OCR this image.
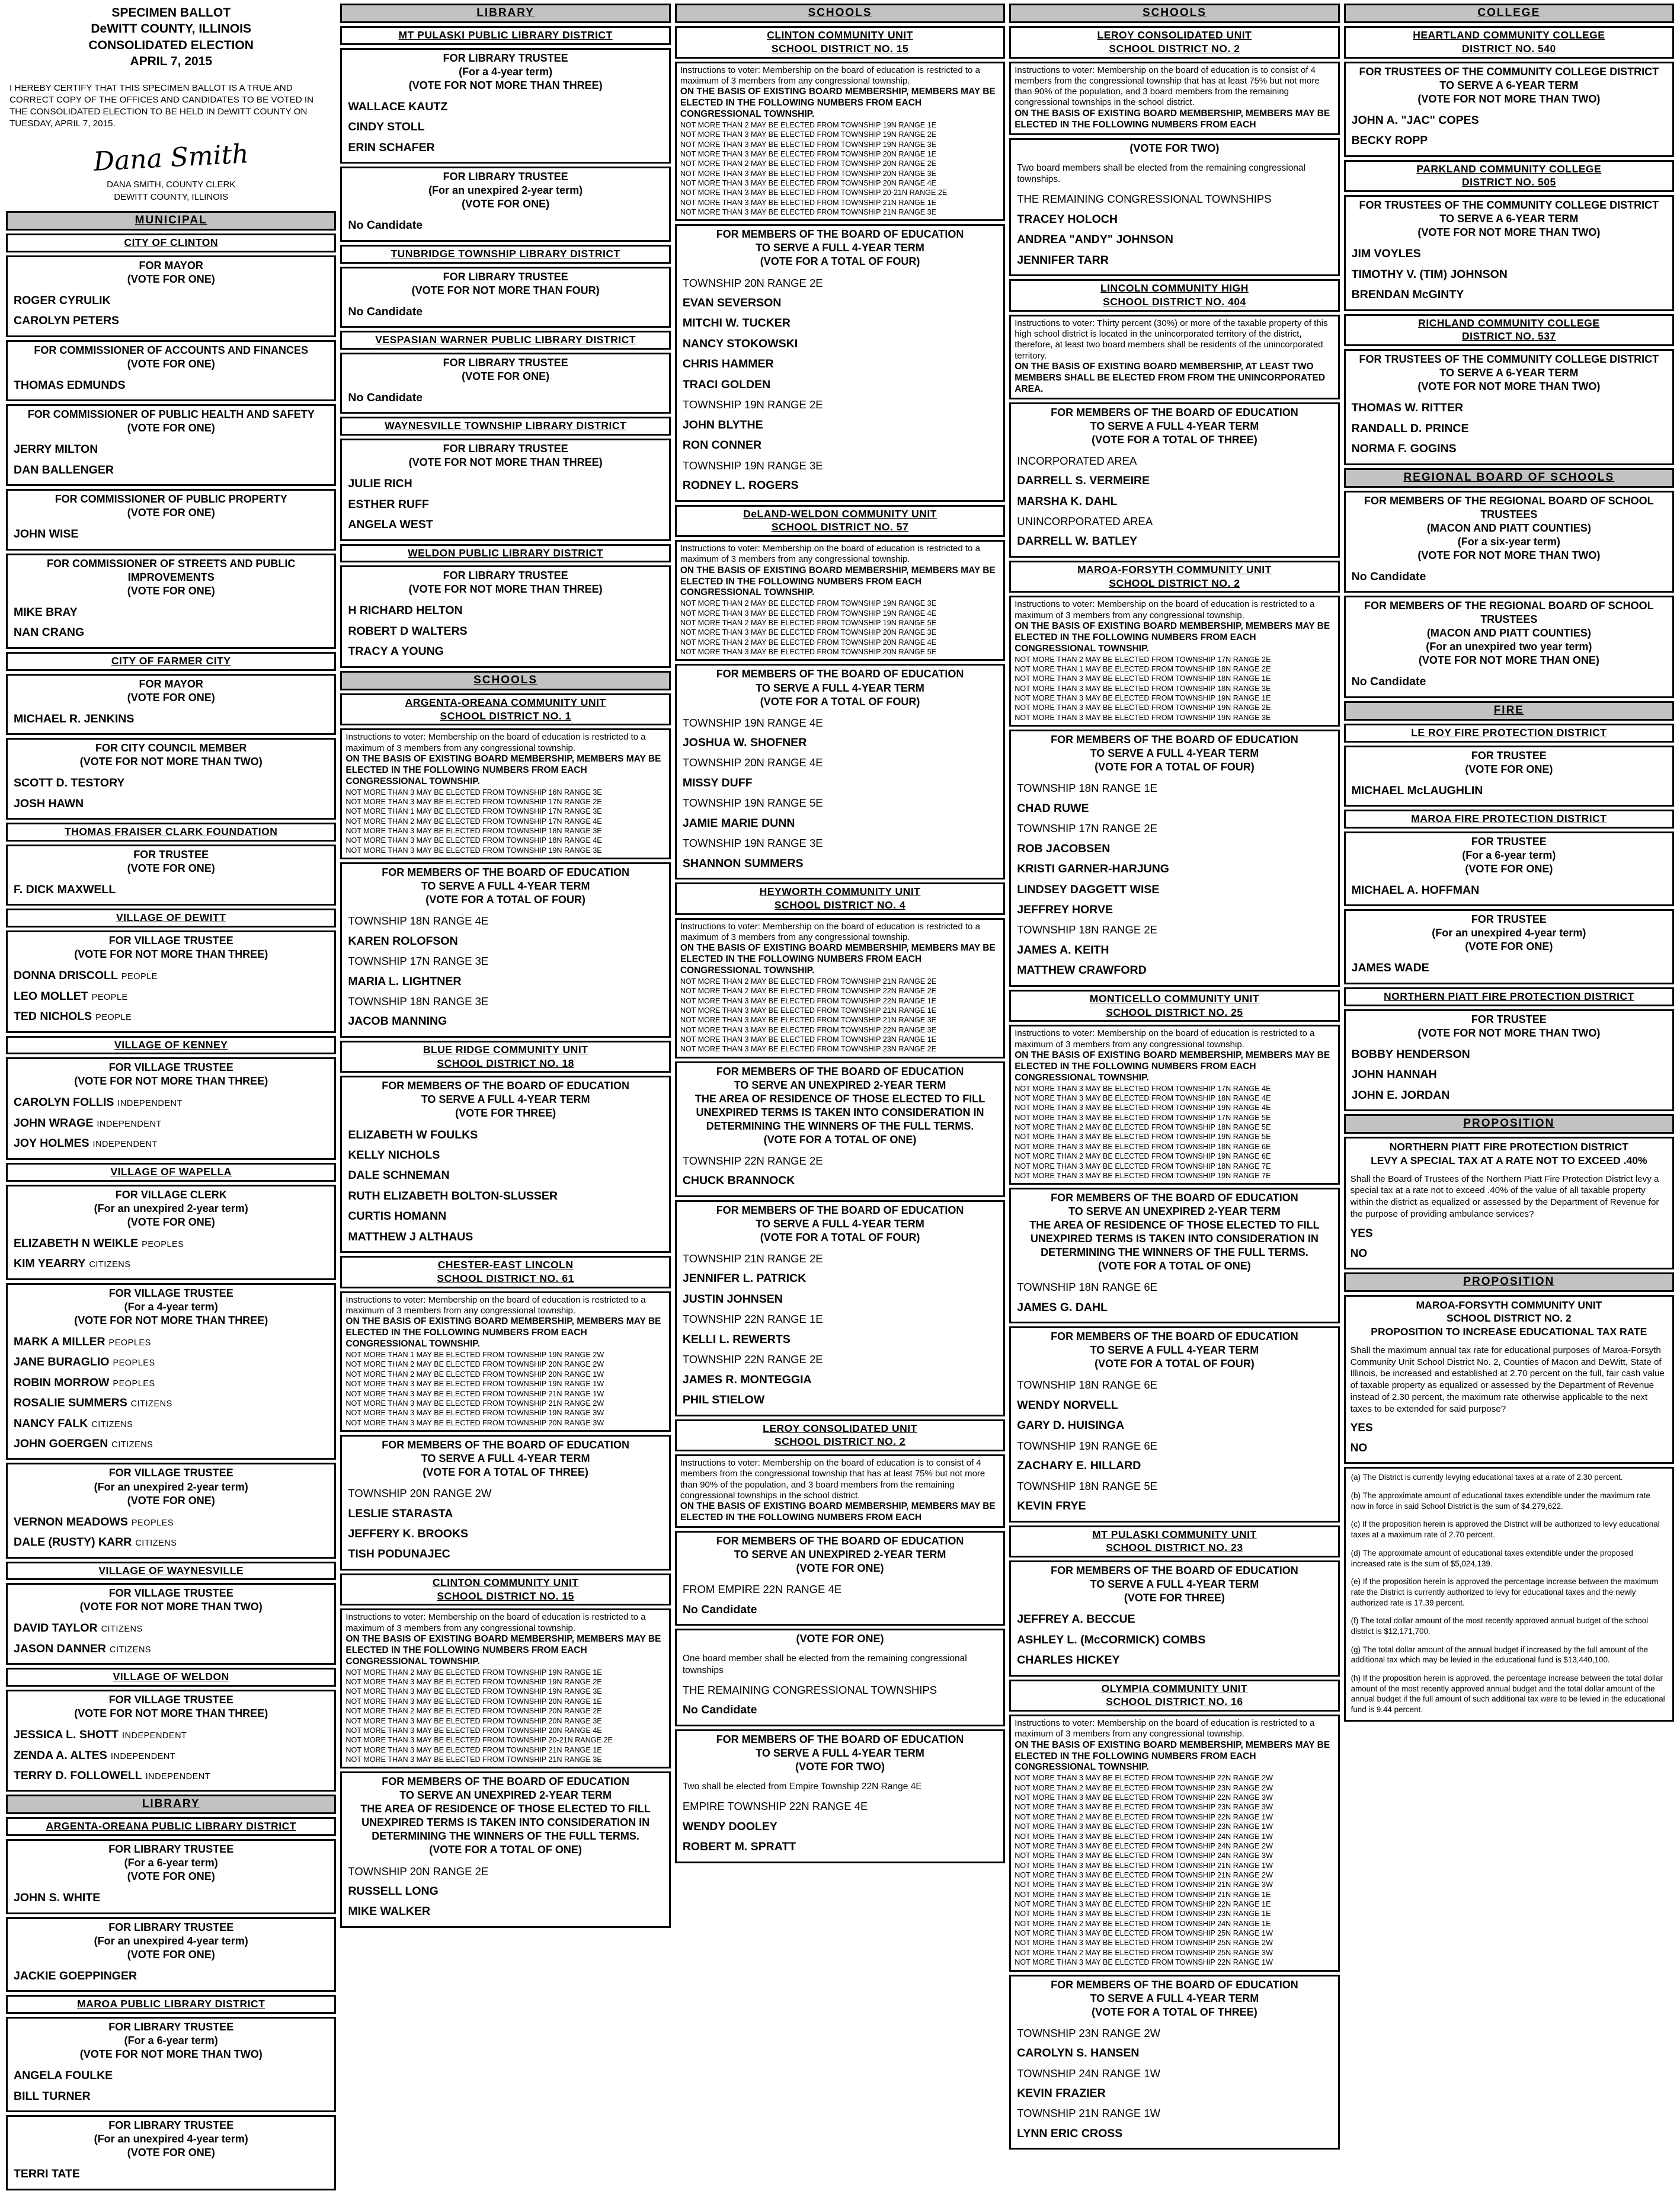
SPECIMEN BALLOT
DeWITT COUNTY, ILLINOIS
CONSOLIDATED ELECTION
APRIL 7, 2015
I HEREBY CERTIFY THAT THIS SPECIMEN BALLOT IS A TRUE AND CORRECT COPY OF THE OFFICES AND CANDIDATES TO BE VOTED IN THE CONSOLIDATED ELECTION TO BE HELD IN DeWITT COUNTY ON TUESDAY, APRIL 7, 2015.
Dana Smith
DANA SMITH, COUNTY CLERK
DEWITT COUNTY, ILLINOIS
MUNICIPAL
CITY OF CLINTON
FOR MAYOR
(VOTE FOR ONE)
ROGER CYRULIK
CAROLYN PETERS
FOR COMMISSIONER OF ACCOUNTS AND FINANCES
(VOTE FOR ONE)
THOMAS EDMUNDS
FOR COMMISSIONER OF PUBLIC HEALTH AND SAFETY
(VOTE FOR ONE)
JERRY MILTON
DAN BALLENGER
FOR COMMISSIONER OF PUBLIC PROPERTY
(VOTE FOR ONE)
JOHN WISE
FOR COMMISSIONER OF STREETS AND PUBLIC
IMPROVEMENTS
(VOTE FOR ONE)
MIKE BRAY
NAN CRANG
CITY OF FARMER CITY
FOR MAYOR
(VOTE FOR ONE)
MICHAEL R. JENKINS
FOR CITY COUNCIL MEMBER
(VOTE FOR NOT MORE THAN TWO)
SCOTT D. TESTORY
JOSH HAWN
THOMAS FRAISER CLARK FOUNDATION
FOR TRUSTEE
(VOTE FOR ONE)
F. DICK MAXWELL
VILLAGE OF DEWITT
FOR VILLAGE TRUSTEE
(VOTE FOR NOT MORE THAN THREE)
DONNA DRISCOLL PEOPLE
LEO MOLLET PEOPLE
TED NICHOLS PEOPLE
VILLAGE OF KENNEY
FOR VILLAGE TRUSTEE
(VOTE FOR NOT MORE THAN THREE)
CAROLYN FOLLIS INDEPENDENT
JOHN WRAGE INDEPENDENT
JOY HOLMES INDEPENDENT
VILLAGE OF WAPELLA
FOR VILLAGE CLERK
(For an unexpired 2-year term)
(VOTE FOR ONE)
ELIZABETH N WEIKLE PEOPLES
KIM YEARRY CITIZENS
FOR VILLAGE TRUSTEE
(For a 4-year term)
(VOTE FOR NOT MORE THAN THREE)
MARK A MILLER PEOPLES
JANE BURAGLIO PEOPLES
ROBIN MORROW PEOPLES
ROSALIE SUMMERS CITIZENS
NANCY FALK CITIZENS
JOHN GOERGEN CITIZENS
FOR VILLAGE TRUSTEE
(For an unexpired 2-year term)
(VOTE FOR ONE)
VERNON MEADOWS PEOPLES
DALE (RUSTY) KARR CITIZENS
VILLAGE OF WAYNESVILLE
FOR VILLAGE TRUSTEE
(VOTE FOR NOT MORE THAN TWO)
DAVID TAYLOR CITIZENS
JASON DANNER CITIZENS
VILLAGE OF WELDON
FOR VILLAGE TRUSTEE
(VOTE FOR NOT MORE THAN THREE)
JESSICA L. SHOTT INDEPENDENT
ZENDA A. ALTES INDEPENDENT
TERRY D. FOLLOWELL INDEPENDENT
LIBRARY
ARGENTA-OREANA PUBLIC LIBRARY DISTRICT
FOR LIBRARY TRUSTEE
(For a 6-year term)
(VOTE FOR ONE)
JOHN S. WHITE
FOR LIBRARY TRUSTEE
(For an unexpired 4-year term)
(VOTE FOR ONE)
JACKIE GOEPPINGER
MAROA PUBLIC LIBRARY DISTRICT
FOR LIBRARY TRUSTEE
(For a 6-year term)
(VOTE FOR NOT MORE THAN TWO)
ANGELA FOULKE
BILL TURNER
FOR LIBRARY TRUSTEE
(For an unexpired 4-year term)
(VOTE FOR ONE)
TERRI TATE
LIBRARY
MT PULASKI PUBLIC LIBRARY DISTRICT
FOR LIBRARY TRUSTEE
(For a 4-year term)
(VOTE FOR NOT MORE THAN THREE)
WALLACE KAUTZ
CINDY STOLL
ERIN SCHAFER
FOR LIBRARY TRUSTEE
(For an unexpired 2-year term)
(VOTE FOR ONE)
No Candidate
TUNBRIDGE TOWNSHIP LIBRARY DISTRICT
FOR LIBRARY TRUSTEE
(VOTE FOR NOT MORE THAN FOUR)
No Candidate
VESPASIAN WARNER PUBLIC LIBRARY DISTRICT
FOR LIBRARY TRUSTEE
(VOTE FOR ONE)
No Candidate
WAYNESVILLE TOWNSHIP LIBRARY DISTRICT
FOR LIBRARY TRUSTEE
(VOTE FOR NOT MORE THAN THREE)
JULIE RICH
ESTHER RUFF
ANGELA WEST
WELDON PUBLIC LIBRARY DISTRICT
FOR LIBRARY TRUSTEE
(VOTE FOR NOT MORE THAN THREE)
H RICHARD HELTON
ROBERT D WALTERS
TRACY A YOUNG
SCHOOLS
ARGENTA-OREANA COMMUNITY UNIT
SCHOOL DISTRICT NO. 1

Instructions to voter: Membership on the board of education is restricted to a maximum of 3 members from any congressional township.

ON THE BASIS OF EXISTING BOARD MEMBERSHIP, MEMBERS MAY BE ELECTED IN THE FOLLOWING NUMBERS FROM EACH CONGRESSIONAL TOWNSHIP.

NOT MORE THAN 3 MAY BE ELECTED FROM TOWNSHIP 16N RANGE 3E
NOT MORE THAN 3 MAY BE ELECTED FROM TOWNSHIP 17N RANGE 2E
NOT MORE THAN 1 MAY BE ELECTED FROM TOWNSHIP 17N RANGE 3E
NOT MORE THAN 2 MAY BE ELECTED FROM TOWNSHIP 17N RANGE 4E
NOT MORE THAN 3 MAY BE ELECTED FROM TOWNSHIP 18N RANGE 3E
NOT MORE THAN 3 MAY BE ELECTED FROM TOWNSHIP 18N RANGE 4E
NOT MORE THAN 3 MAY BE ELECTED FROM TOWNSHIP 19N RANGE 3E
FOR MEMBERS OF THE BOARD OF EDUCATION
TO SERVE A FULL 4-YEAR TERM
(VOTE FOR A TOTAL OF FOUR)
TOWNSHIP 18N RANGE 4E
KAREN ROLOFSON
TOWNSHIP 17N RANGE 3E
MARIA L. LIGHTNER
TOWNSHIP 18N RANGE 3E
JACOB MANNING
BLUE RIDGE COMMUNITY UNIT
SCHOOL DISTRICT NO. 18
FOR MEMBERS OF THE BOARD OF EDUCATION
TO SERVE A FULL 4-YEAR TERM
(VOTE FOR THREE)
ELIZABETH W FOULKS
KELLY NICHOLS
DALE SCHNEMAN
RUTH ELIZABETH BOLTON-SLUSSER
CURTIS HOMANN
MATTHEW J ALTHAUS
CHESTER-EAST LINCOLN
SCHOOL DISTRICT NO. 61

Instructions to voter: Membership on the board of education is restricted to a maximum of 3 members from any congressional township.

ON THE BASIS OF EXISTING BOARD MEMBERSHIP, MEMBERS MAY BE ELECTED IN THE FOLLOWING NUMBERS FROM EACH CONGRESSIONAL TOWNSHIP.

NOT MORE THAN 1 MAY BE ELECTED FROM TOWNSHIP 19N RANGE 2W
NOT MORE THAN 2 MAY BE ELECTED FROM TOWNSHIP 20N RANGE 2W
NOT MORE THAN 2 MAY BE ELECTED FROM TOWNSHIP 20N RANGE 1W
NOT MORE THAN 3 MAY BE ELECTED FROM TOWNSHIP 19N RANGE 1W
NOT MORE THAN 3 MAY BE ELECTED FROM TOWNSHIP 21N RANGE 1W
NOT MORE THAN 3 MAY BE ELECTED FROM TOWNSHIP 21N RANGE 2W
NOT MORE THAN 3 MAY BE ELECTED FROM TOWNSHIP 19N RANGE 3W
NOT MORE THAN 3 MAY BE ELECTED FROM TOWNSHIP 20N RANGE 3W
FOR MEMBERS OF THE BOARD OF EDUCATION
TO SERVE A FULL 4-YEAR TERM
(VOTE FOR A TOTAL OF THREE)
TOWNSHIP 20N RANGE 2W
LESLIE STARASTA
JEFFERY K. BROOKS
TISH PODUNAJEC
CLINTON COMMUNITY UNIT
SCHOOL DISTRICT NO. 15

Instructions to voter: Membership on the board of education is restricted to a maximum of 3 members from any congressional township.

ON THE BASIS OF EXISTING BOARD MEMBERSHIP, MEMBERS MAY BE ELECTED IN THE FOLLOWING NUMBERS FROM EACH CONGRESSIONAL TOWNSHIP.

NOT MORE THAN 2 MAY BE ELECTED FROM TOWNSHIP 19N RANGE 1E
NOT MORE THAN 3 MAY BE ELECTED FROM TOWNSHIP 19N RANGE 2E
NOT MORE THAN 3 MAY BE ELECTED FROM TOWNSHIP 19N RANGE 3E
NOT MORE THAN 3 MAY BE ELECTED FROM TOWNSHIP 20N RANGE 1E
NOT MORE THAN 2 MAY BE ELECTED FROM TOWNSHIP 20N RANGE 2E
NOT MORE THAN 3 MAY BE ELECTED FROM TOWNSHIP 20N RANGE 3E
NOT MORE THAN 3 MAY BE ELECTED FROM TOWNSHIP 20N RANGE 4E
NOT MORE THAN 3 MAY BE ELECTED FROM TOWNSHIP 20-21N RANGE 2E
NOT MORE THAN 3 MAY BE ELECTED FROM TOWNSHIP 21N RANGE 1E
NOT MORE THAN 3 MAY BE ELECTED FROM TOWNSHIP 21N RANGE 3E
FOR MEMBERS OF THE BOARD OF EDUCATION
TO SERVE AN UNEXPIRED 2-YEAR TERM
THE AREA OF RESIDENCE OF THOSE ELECTED TO FILL
UNEXPIRED TERMS IS TAKEN INTO CONSIDERATION IN
DETERMINING THE WINNERS OF THE FULL TERMS.
(VOTE FOR A TOTAL OF ONE)
TOWNSHIP 20N RANGE 2E
RUSSELL LONG
MIKE WALKER
SCHOOLS
CLINTON COMMUNITY UNIT
SCHOOL DISTRICT NO. 15

Instructions to voter: Membership on the board of education is restricted to a maximum of 3 members from any congressional township.

ON THE BASIS OF EXISTING BOARD MEMBERSHIP, MEMBERS MAY BE ELECTED IN THE FOLLOWING NUMBERS FROM EACH CONGRESSIONAL TOWNSHIP.

NOT MORE THAN 2 MAY BE ELECTED FROM TOWNSHIP 19N RANGE 1E
NOT MORE THAN 3 MAY BE ELECTED FROM TOWNSHIP 19N RANGE 2E
NOT MORE THAN 3 MAY BE ELECTED FROM TOWNSHIP 19N RANGE 3E
NOT MORE THAN 3 MAY BE ELECTED FROM TOWNSHIP 20N RANGE 1E
NOT MORE THAN 2 MAY BE ELECTED FROM TOWNSHIP 20N RANGE 2E
NOT MORE THAN 3 MAY BE ELECTED FROM TOWNSHIP 20N RANGE 3E
NOT MORE THAN 3 MAY BE ELECTED FROM TOWNSHIP 20N RANGE 4E
NOT MORE THAN 3 MAY BE ELECTED FROM TOWNSHIP 20-21N RANGE 2E
NOT MORE THAN 3 MAY BE ELECTED FROM TOWNSHIP 21N RANGE 1E
NOT MORE THAN 3 MAY BE ELECTED FROM TOWNSHIP 21N RANGE 3E
FOR MEMBERS OF THE BOARD OF EDUCATION
TO SERVE A FULL 4-YEAR TERM
(VOTE FOR A TOTAL OF FOUR)
TOWNSHIP 20N RANGE 2E
EVAN SEVERSON
MITCHI W. TUCKER
NANCY STOKOWSKI
CHRIS HAMMER
TRACI GOLDEN
TOWNSHIP 19N RANGE 2E
JOHN BLYTHE
RON CONNER
TOWNSHIP 19N RANGE 3E
RODNEY L. ROGERS
DeLAND-WELDON COMMUNITY UNIT
SCHOOL DISTRICT NO. 57

Instructions to voter: Membership on the board of education is restricted to a maximum of 3 members from any congressional township.

ON THE BASIS OF EXISTING BOARD MEMBERSHIP, MEMBERS MAY BE ELECTED IN THE FOLLOWING NUMBERS FROM EACH CONGRESSIONAL TOWNSHIP.

NOT MORE THAN 2 MAY BE ELECTED FROM TOWNSHIP 19N RANGE 3E
NOT MORE THAN 3 MAY BE ELECTED FROM TOWNSHIP 19N RANGE 4E
NOT MORE THAN 2 MAY BE ELECTED FROM TOWNSHIP 19N RANGE 5E
NOT MORE THAN 3 MAY BE ELECTED FROM TOWNSHIP 20N RANGE 3E
NOT MORE THAN 2 MAY BE ELECTED FROM TOWNSHIP 20N RANGE 4E
NOT MORE THAN 3 MAY BE ELECTED FROM TOWNSHIP 20N RANGE 5E
FOR MEMBERS OF THE BOARD OF EDUCATION
TO SERVE A FULL 4-YEAR TERM
(VOTE FOR A TOTAL OF FOUR)
TOWNSHIP 19N RANGE 4E
JOSHUA W. SHOFNER
TOWNSHIP 20N RANGE 4E
MISSY DUFF
TOWNSHIP 19N RANGE 5E
JAMIE MARIE DUNN
TOWNSHIP 19N RANGE 3E
SHANNON SUMMERS
HEYWORTH COMMUNITY UNIT
SCHOOL DISTRICT NO. 4

Instructions to voter: Membership on the board of education is restricted to a maximum of 3 members from any congressional township.

ON THE BASIS OF EXISTING BOARD MEMBERSHIP, MEMBERS MAY BE ELECTED IN THE FOLLOWING NUMBERS FROM EACH CONGRESSIONAL TOWNSHIP.

NOT MORE THAN 2 MAY BE ELECTED FROM TOWNSHIP 21N RANGE 2E
NOT MORE THAN 2 MAY BE ELECTED FROM TOWNSHIP 22N RANGE 2E
NOT MORE THAN 3 MAY BE ELECTED FROM TOWNSHIP 22N RANGE 1E
NOT MORE THAN 3 MAY BE ELECTED FROM TOWNSHIP 21N RANGE 1E
NOT MORE THAN 3 MAY BE ELECTED FROM TOWNSHIP 21N RANGE 3E
NOT MORE THAN 3 MAY BE ELECTED FROM TOWNSHIP 22N RANGE 3E
NOT MORE THAN 3 MAY BE ELECTED FROM TOWNSHIP 23N RANGE 1E
NOT MORE THAN 3 MAY BE ELECTED FROM TOWNSHIP 23N RANGE 2E
FOR MEMBERS OF THE BOARD OF EDUCATION
TO SERVE AN UNEXPIRED 2-YEAR TERM
THE AREA OF RESIDENCE OF THOSE ELECTED TO FILL
UNEXPIRED TERMS IS TAKEN INTO CONSIDERATION IN
DETERMINING THE WINNERS OF THE FULL TERMS.
(VOTE FOR A TOTAL OF ONE)
TOWNSHIP 22N RANGE 2E
CHUCK BRANNOCK
FOR MEMBERS OF THE BOARD OF EDUCATION
TO SERVE A FULL 4-YEAR TERM
(VOTE FOR A TOTAL OF FOUR)
TOWNSHIP 21N RANGE 2E
JENNIFER L. PATRICK
JUSTIN JOHNSEN
TOWNSHIP 22N RANGE 1E
KELLI L. REWERTS
TOWNSHIP 22N RANGE 2E
JAMES R. MONTEGGIA
PHIL STIELOW
LEROY CONSOLIDATED UNIT
SCHOOL DISTRICT NO. 2

Instructions to voter: Membership on the board of education is to consist of 4 members from the congressional township that has at least 75% but not more than 90% of the population, and 3 board members from the remaining congressional townships in the school district.

ON THE BASIS OF EXISTING BOARD MEMBERSHIP, MEMBERS MAY BE ELECTED IN THE FOLLOWING NUMBERS FROM EACH

FOR MEMBERS OF THE BOARD OF EDUCATION
TO SERVE AN UNEXPIRED 2-YEAR TERM
(VOTE FOR ONE)
FROM EMPIRE 22N RANGE 4E
No Candidate
(VOTE FOR ONE)
One board member shall be elected from the remaining congressional townships
THE REMAINING CONGRESSIONAL TOWNSHIPS
No Candidate
FOR MEMBERS OF THE BOARD OF EDUCATION
TO SERVE A FULL 4-YEAR TERM
(VOTE FOR TWO)
Two shall be elected from Empire Township 22N Range 4E
EMPIRE TOWNSHIP 22N RANGE 4E
WENDY DOOLEY
ROBERT M. SPRATT
SCHOOLS
LEROY CONSOLIDATED UNIT
SCHOOL DISTRICT NO. 2

Instructions to voter: Membership on the board of education is to consist of 4 members from the congressional township that has at least 75% but not more than 90% of the population, and 3 board members from the remaining congressional townships in the school district.

ON THE BASIS OF EXISTING BOARD MEMBERSHIP, MEMBERS MAY BE ELECTED IN THE FOLLOWING NUMBERS FROM EACH

(VOTE FOR TWO)
Two board members shall be elected from the remaining congressional townships.
THE REMAINING CONGRESSIONAL TOWNSHIPS
TRACEY HOLOCH
ANDREA "ANDY" JOHNSON
JENNIFER TARR
LINCOLN COMMUNITY HIGH
SCHOOL DISTRICT NO. 404

Instructions to voter: Thirty percent (30%) or more of the taxable property of this high school district is located in the unincorporated territory of the district, therefore, at least two board members shall be residents of the unincorporated territory.

ON THE BASIS OF EXISTING BOARD MEMBERSHIP, AT LEAST TWO MEMBERS SHALL BE ELECTED FROM FROM THE UNINCORPORATED AREA.

FOR MEMBERS OF THE BOARD OF EDUCATION
TO SERVE A FULL 4-YEAR TERM
(VOTE FOR A TOTAL OF THREE)
INCORPORATED AREA
DARRELL S. VERMEIRE
MARSHA K. DAHL
UNINCORPORATED AREA
DARRELL W. BATLEY
MAROA-FORSYTH COMMUNITY UNIT
SCHOOL DISTRICT NO. 2

Instructions to voter: Membership on the board of education is restricted to a maximum of 3 members from any congressional township.

ON THE BASIS OF EXISTING BOARD MEMBERSHIP, MEMBERS MAY BE ELECTED IN THE FOLLOWING NUMBERS FROM EACH CONGRESSIONAL TOWNSHIP.

NOT MORE THAN 2 MAY BE ELECTED FROM TOWNSHIP 17N RANGE 2E
NOT MORE THAN 1 MAY BE ELECTED FROM TOWNSHIP 18N RANGE 2E
NOT MORE THAN 3 MAY BE ELECTED FROM TOWNSHIP 18N RANGE 1E
NOT MORE THAN 3 MAY BE ELECTED FROM TOWNSHIP 18N RANGE 3E
NOT MORE THAN 3 MAY BE ELECTED FROM TOWNSHIP 19N RANGE 1E
NOT MORE THAN 3 MAY BE ELECTED FROM TOWNSHIP 19N RANGE 2E
NOT MORE THAN 3 MAY BE ELECTED FROM TOWNSHIP 19N RANGE 3E
FOR MEMBERS OF THE BOARD OF EDUCATION
TO SERVE A FULL 4-YEAR TERM
(VOTE FOR A TOTAL OF FOUR)
TOWNSHIP 18N RANGE 1E
CHAD RUWE
TOWNSHIP 17N RANGE 2E
ROB JACOBSEN
KRISTI GARNER-HARJUNG
LINDSEY DAGGETT WISE
JEFFREY HORVE
TOWNSHIP 18N RANGE 2E
JAMES A. KEITH
MATTHEW CRAWFORD
MONTICELLO COMMUNITY UNIT
SCHOOL DISTRICT NO. 25

Instructions to voter: Membership on the board of education is restricted to a maximum of 3 members from any congressional township.

ON THE BASIS OF EXISTING BOARD MEMBERSHIP, MEMBERS MAY BE ELECTED IN THE FOLLOWING NUMBERS FROM EACH CONGRESSIONAL TOWNSHIP.

NOT MORE THAN 3 MAY BE ELECTED FROM TOWNSHIP 17N RANGE 4E
NOT MORE THAN 3 MAY BE ELECTED FROM TOWNSHIP 18N RANGE 4E
NOT MORE THAN 3 MAY BE ELECTED FROM TOWNSHIP 19N RANGE 4E
NOT MORE THAN 3 MAY BE ELECTED FROM TOWNSHIP 17N RANGE 5E
NOT MORE THAN 2 MAY BE ELECTED FROM TOWNSHIP 18N RANGE 5E
NOT MORE THAN 3 MAY BE ELECTED FROM TOWNSHIP 19N RANGE 5E
NOT MORE THAN 3 MAY BE ELECTED FROM TOWNSHIP 18N RANGE 6E
NOT MORE THAN 2 MAY BE ELECTED FROM TOWNSHIP 19N RANGE 6E
NOT MORE THAN 3 MAY BE ELECTED FROM TOWNSHIP 18N RANGE 7E
NOT MORE THAN 3 MAY BE ELECTED FROM TOWNSHIP 19N RANGE 7E
FOR MEMBERS OF THE BOARD OF EDUCATION
TO SERVE AN UNEXPIRED 2-YEAR TERM
THE AREA OF RESIDENCE OF THOSE ELECTED TO FILL
UNEXPIRED TERMS IS TAKEN INTO CONSIDERATION IN
DETERMINING THE WINNERS OF THE FULL TERMS.
(VOTE FOR A TOTAL OF ONE)
TOWNSHIP 18N RANGE 6E
JAMES G. DAHL
FOR MEMBERS OF THE BOARD OF EDUCATION
TO SERVE A FULL 4-YEAR TERM
(VOTE FOR A TOTAL OF FOUR)
TOWNSHIP 18N RANGE 6E
WENDY NORVELL
GARY D. HUISINGA
TOWNSHIP 19N RANGE 6E
ZACHARY E. HILLARD
TOWNSHIP 18N RANGE 5E
KEVIN FRYE
MT PULASKI COMMUNITY UNIT
SCHOOL DISTRICT NO. 23
FOR MEMBERS OF THE BOARD OF EDUCATION
TO SERVE A FULL 4-YEAR TERM
(VOTE FOR THREE)
JEFFREY A. BECCUE
ASHLEY L. (McCORMICK) COMBS
CHARLES HICKEY
OLYMPIA COMMUNITY UNIT
SCHOOL DISTRICT NO. 16

Instructions to voter: Membership on the board of education is restricted to a maximum of 3 members from any congressional township.

ON THE BASIS OF EXISTING BOARD MEMBERSHIP, MEMBERS MAY BE ELECTED IN THE FOLLOWING NUMBERS FROM EACH CONGRESSIONAL TOWNSHIP.

NOT MORE THAN 3 MAY BE ELECTED FROM TOWNSHIP 22N RANGE 2W
NOT MORE THAN 2 MAY BE ELECTED FROM TOWNSHIP 23N RANGE 2W
NOT MORE THAN 3 MAY BE ELECTED FROM TOWNSHIP 22N RANGE 3W
NOT MORE THAN 3 MAY BE ELECTED FROM TOWNSHIP 23N RANGE 3W
NOT MORE THAN 2 MAY BE ELECTED FROM TOWNSHIP 22N RANGE 1W
NOT MORE THAN 3 MAY BE ELECTED FROM TOWNSHIP 23N RANGE 1W
NOT MORE THAN 3 MAY BE ELECTED FROM TOWNSHIP 24N RANGE 1W
NOT MORE THAN 3 MAY BE ELECTED FROM TOWNSHIP 24N RANGE 2W
NOT MORE THAN 3 MAY BE ELECTED FROM TOWNSHIP 24N RANGE 3W
NOT MORE THAN 3 MAY BE ELECTED FROM TOWNSHIP 21N RANGE 1W
NOT MORE THAN 3 MAY BE ELECTED FROM TOWNSHIP 21N RANGE 2W
NOT MORE THAN 3 MAY BE ELECTED FROM TOWNSHIP 21N RANGE 3W
NOT MORE THAN 3 MAY BE ELECTED FROM TOWNSHIP 21N RANGE 1E
NOT MORE THAN 3 MAY BE ELECTED FROM TOWNSHIP 22N RANGE 1E
NOT MORE THAN 3 MAY BE ELECTED FROM TOWNSHIP 23N RANGE 1E
NOT MORE THAN 2 MAY BE ELECTED FROM TOWNSHIP 24N RANGE 1E
NOT MORE THAN 3 MAY BE ELECTED FROM TOWNSHIP 25N RANGE 1W
NOT MORE THAN 3 MAY BE ELECTED FROM TOWNSHIP 25N RANGE 2W
NOT MORE THAN 2 MAY BE ELECTED FROM TOWNSHIP 25N RANGE 3W
NOT MORE THAN 3 MAY BE ELECTED FROM TOWNSHIP 22N RANGE 1W
FOR MEMBERS OF THE BOARD OF EDUCATION
TO SERVE A FULL 4-YEAR TERM
(VOTE FOR A TOTAL OF THREE)
TOWNSHIP 23N RANGE 2W
CAROLYN S. HANSEN
TOWNSHIP 24N RANGE 1W
KEVIN FRAZIER
TOWNSHIP 21N RANGE 1W
LYNN ERIC CROSS
COLLEGE
HEARTLAND COMMUNITY COLLEGE
DISTRICT NO. 540
FOR TRUSTEES OF THE COMMUNITY COLLEGE DISTRICT
TO SERVE A 6-YEAR TERM
(VOTE FOR NOT MORE THAN TWO)
JOHN A. "JAC" COPES
BECKY ROPP
PARKLAND COMMUNITY COLLEGE
DISTRICT NO. 505
FOR TRUSTEES OF THE COMMUNITY COLLEGE DISTRICT
TO SERVE A 6-YEAR TERM
(VOTE FOR NOT MORE THAN TWO)
JIM VOYLES
TIMOTHY V. (TIM) JOHNSON
BRENDAN McGINTY
RICHLAND COMMUNITY COLLEGE
DISTRICT NO. 537
FOR TRUSTEES OF THE COMMUNITY COLLEGE DISTRICT
TO SERVE A 6-YEAR TERM
(VOTE FOR NOT MORE THAN TWO)
THOMAS W. RITTER
RANDALL D. PRINCE
NORMA F. GOGINS
REGIONAL BOARD OF SCHOOLS
FOR MEMBERS OF THE REGIONAL BOARD OF SCHOOL
TRUSTEES
(MACON AND PIATT COUNTIES)
(For a six-year term)
(VOTE FOR NOT MORE THAN TWO)
No Candidate
FOR MEMBERS OF THE REGIONAL BOARD OF SCHOOL
TRUSTEES
(MACON AND PIATT COUNTIES)
(For an unexpired two year term)
(VOTE FOR NOT MORE THAN ONE)
No Candidate
FIRE
LE ROY FIRE PROTECTION DISTRICT
FOR TRUSTEE
(VOTE FOR ONE)
MICHAEL McLAUGHLIN
MAROA FIRE PROTECTION DISTRICT
FOR TRUSTEE
(For a 6-year term)
(VOTE FOR ONE)
MICHAEL A. HOFFMAN
FOR TRUSTEE
(For an unexpired 4-year term)
(VOTE FOR ONE)
JAMES WADE
NORTHERN PIATT FIRE PROTECTION DISTRICT
FOR TRUSTEE
(VOTE FOR NOT MORE THAN TWO)
BOBBY HENDERSON
JOHN HANNAH
JOHN E. JORDAN
PROPOSITION
NORTHERN PIATT FIRE PROTECTION DISTRICT
LEVY A SPECIAL TAX AT A RATE NOT TO EXCEED .40%
Shall the Board of Trustees of the Northern Piatt Fire Protection District levy a special tax at a rate not to exceed .40% of the value of all taxable property within the district as equalized or assessed by the Department of Revenue for the purpose of providing ambulance services?
YES
NO
PROPOSITION
MAROA-FORSYTH COMMUNITY UNIT
SCHOOL DISTRICT NO. 2
PROPOSITION TO INCREASE EDUCATIONAL TAX RATE
Shall the maximum annual tax rate for educational purposes of Maroa-Forsyth Community Unit School District No. 2, Counties of Macon and DeWitt, State of Illinois, be increased and established at 2.70 percent on the full, fair cash value of taxable property as equalized or assessed by the Department of Revenue instead of 2.30 percent, the maximum rate otherwise applicable to the next taxes to be extended for said purpose?
YES
NO

(a) The District is currently levying educational taxes at a rate of 2.30 percent.

(b) The approximate amount of educational taxes extendible under the maximum rate now in force in said School District is the sum of $4,279,622.

(c) If the proposition herein is approved the District will be authorized to levy educational taxes at a maximum rate of 2.70 percent.

(d) The approximate amount of educational taxes extendible under the proposed increased rate is the sum of $5,024,139.

(e) If the proposition herein is approved the percentage increase between the maximum rate the District is currently authorized to levy for educational taxes and the newly authorized rate is 17.39 percent.

(f) The total dollar amount of the most recently approved annual budget of the school district is $12,171,700.

(g) The total dollar amount of the annual budget if increased by the full amount of the additional tax which may be levied in the educational fund is $13,440,100.

(h) If the proposition herein is approved, the percentage increase between the total dollar amount of the most recently approved annual budget and the total dollar amount of the annual budget if the full amount of such additional tax were to be levied in the educational fund is 9.44 percent.
